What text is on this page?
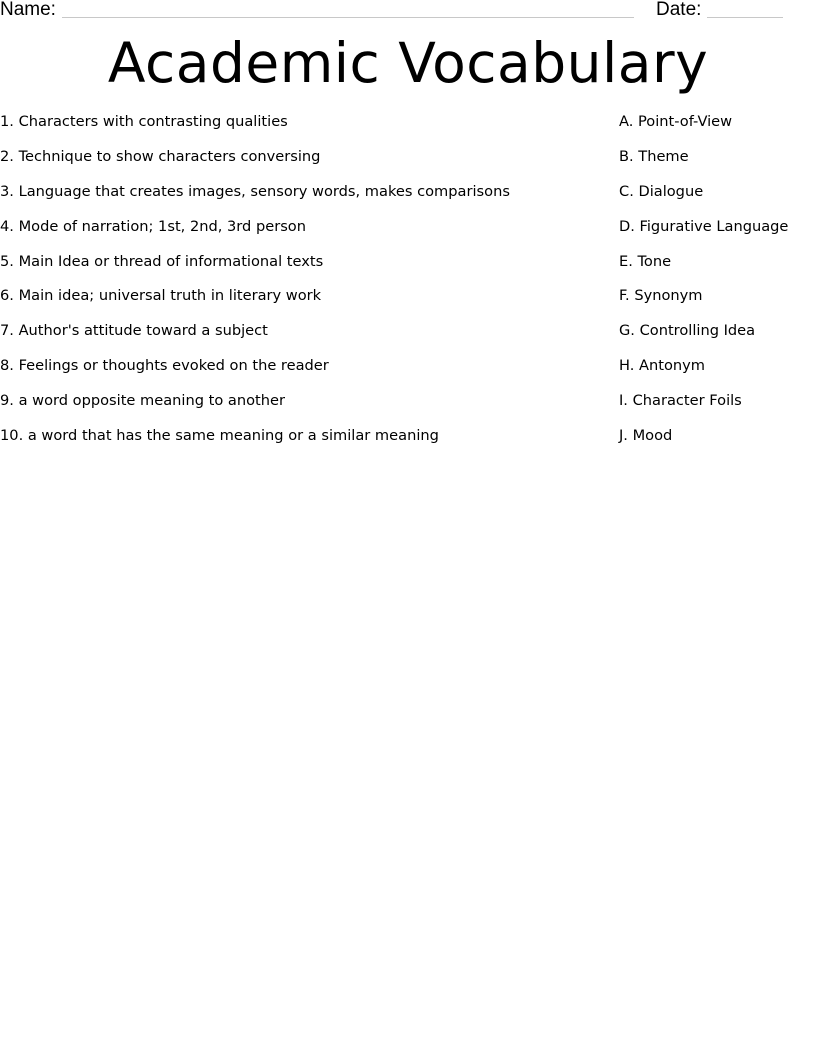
Name:	Date:
Academic Vocabulary
1. Characters with contrasting qualities
2. Technique to show characters conversing
3. Language that creates images, sensory words, makes comparisons
4. Mode of narration; 1st, 2nd, 3rd person
5. Main Idea or thread of informational texts
6. Main idea; universal truth in literary work
7. Author's attitude toward a subject
8. Feelings or thoughts evoked on the reader
9. a word opposite meaning to another
10. a word that has the same meaning or a similar meaning
A. Point-of-View
B. Theme
C. Dialogue
D. Figurative Language
E. Tone
F. Synonym
G. Controlling Idea
H. Antonym
I. Character Foils
J. Mood
